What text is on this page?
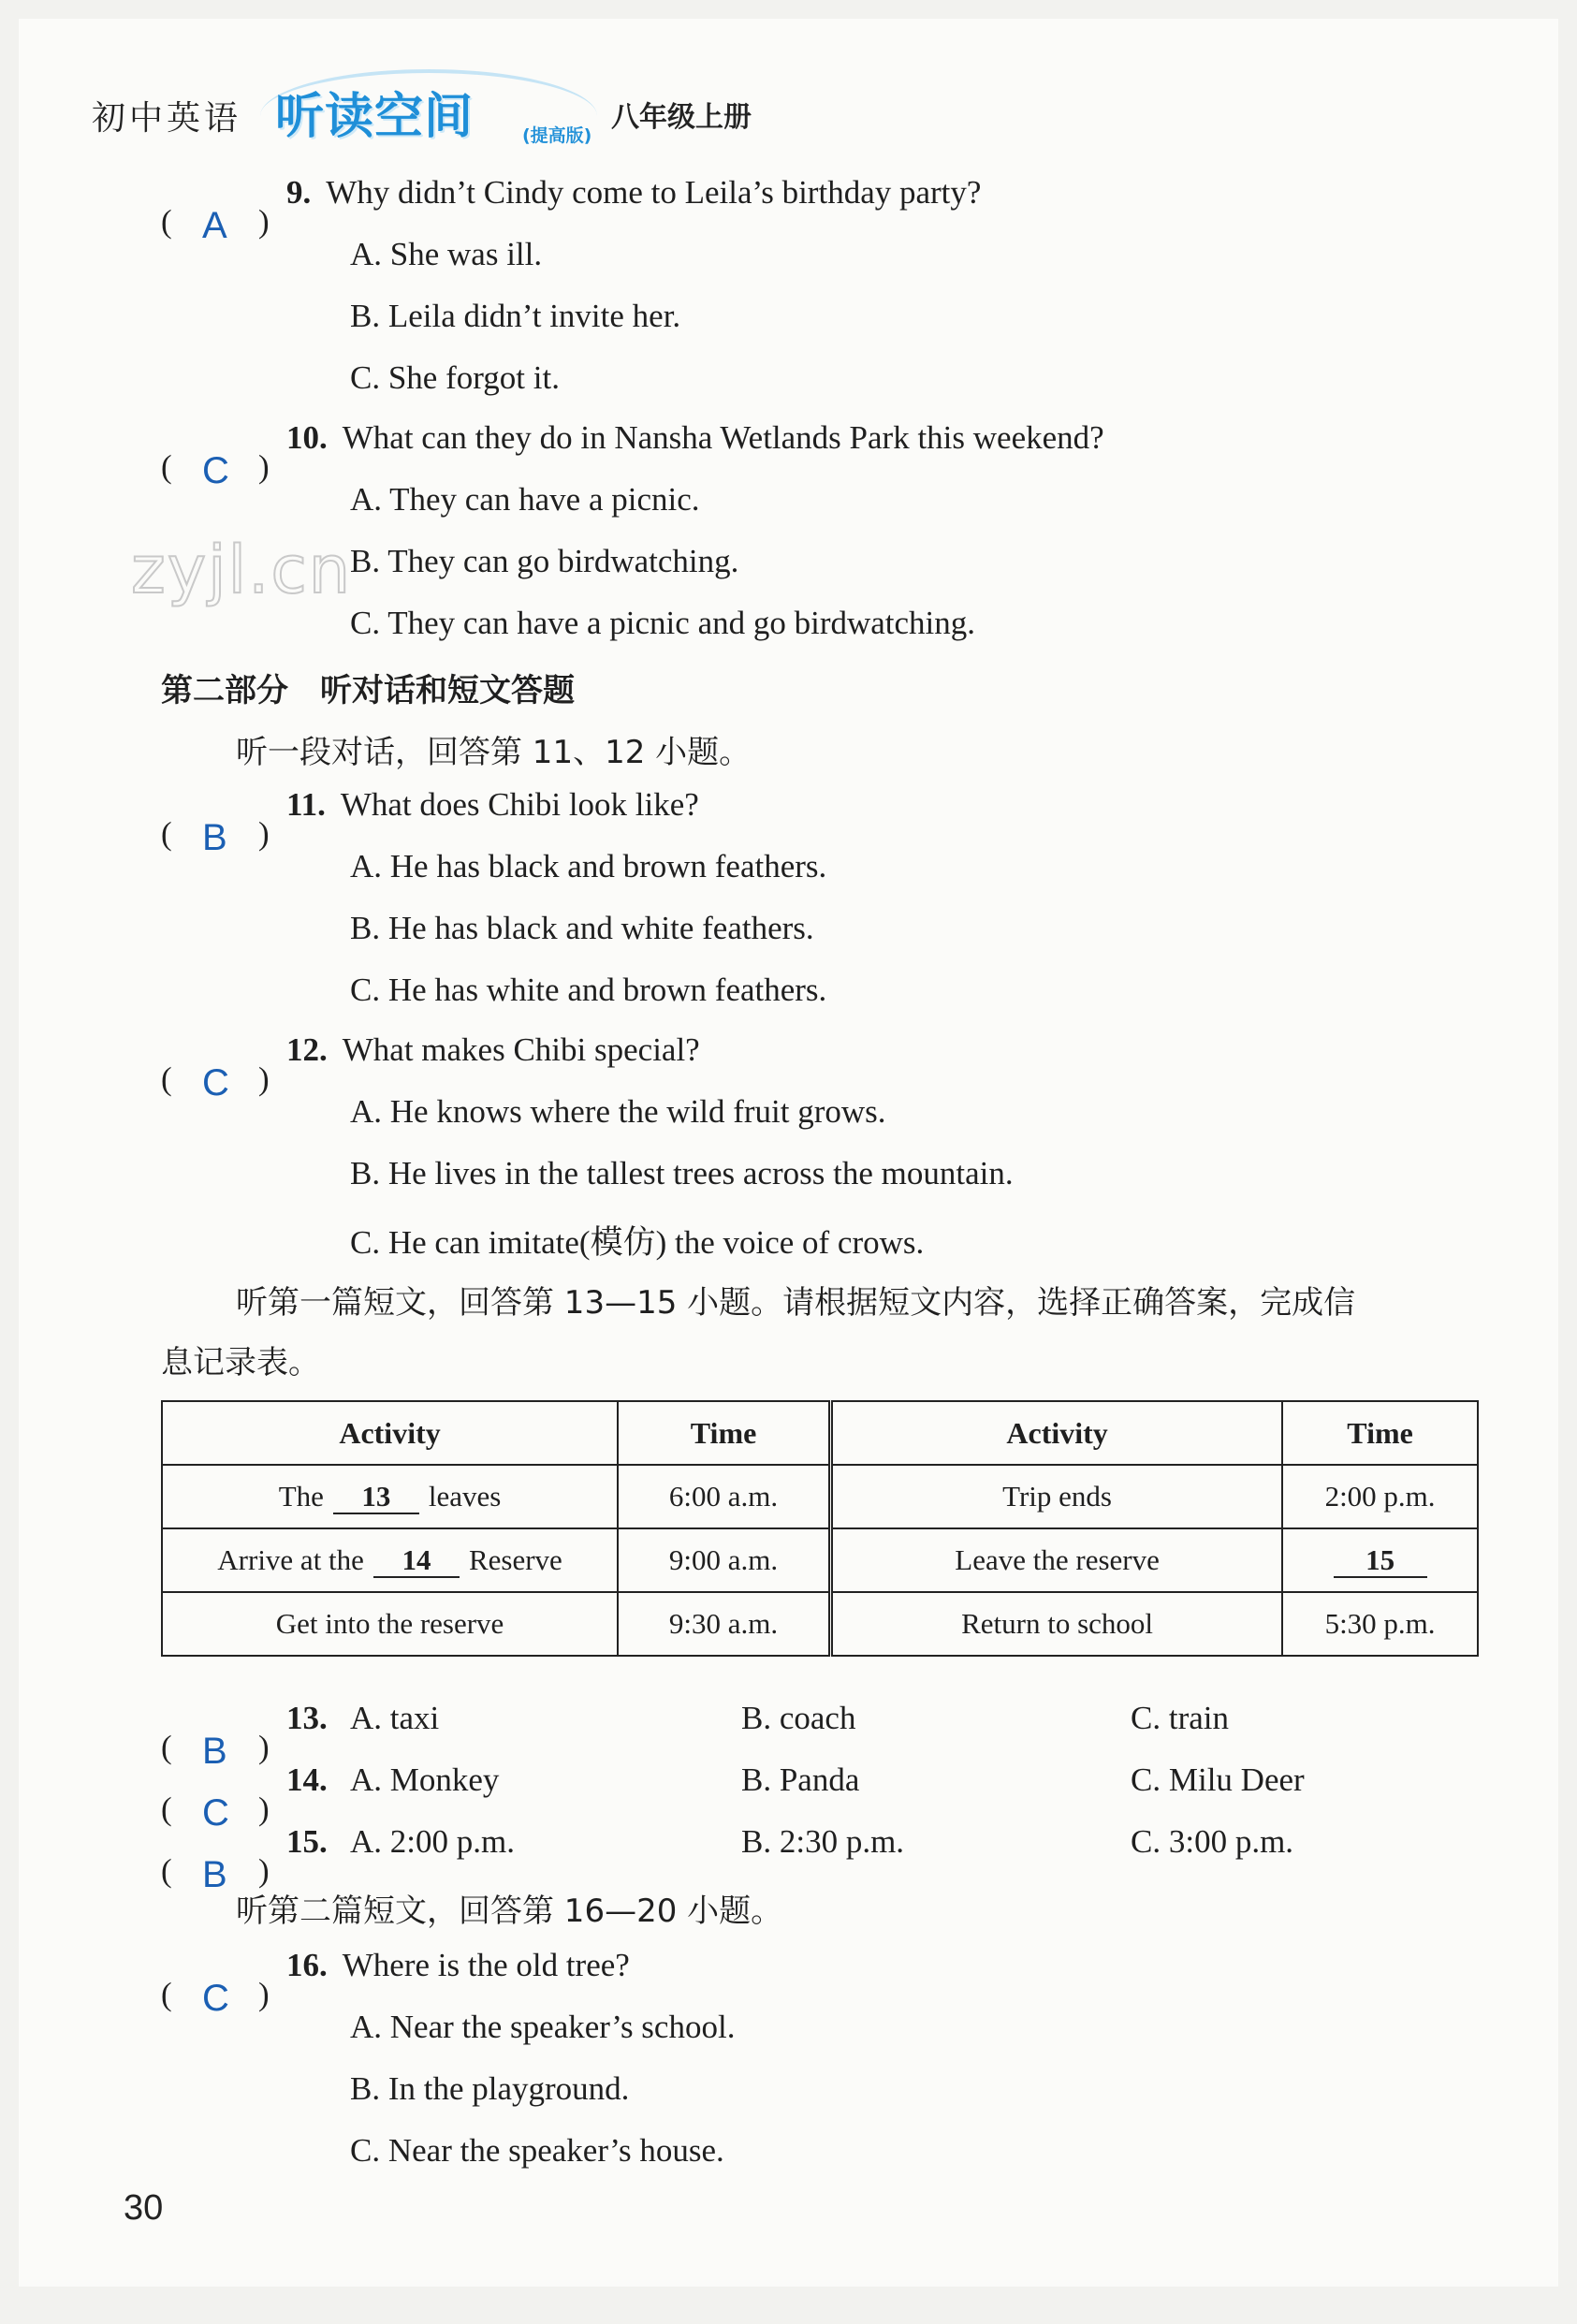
初中英语 听读空间	(提高版)
八年级上册
zyjl.cn
( A )
9. Why didn’t Cindy come to Leila’s birthday party?
A. She was ill.
B. Leila didn’t invite her.
C. She forgot it.
( C )
10. What can they do in Nansha Wetlands Park this weekend?
A. They can have a picnic.
B. They can go birdwatching.
C. They can have a picnic and go birdwatching.
第二部分　听对话和短文答题
听一段对话，回答第 11、12 小题。
( B )
11. What does Chibi look like?
A. He has black and brown feathers.
B. He has black and white feathers.
C. He has white and brown feathers.
( C )
12. What makes Chibi special?
A. He knows where the wild fruit grows.
B. He lives in the tallest trees across the mountain.
C. He can imitate(模仿) the voice of crows.
听第一篇短文，回答第 13—15 小题。请根据短文内容，选择正确答案，完成信
息记录表。
Activity	Time	Activity	Time
The 13 leaves	6:00 a.m.	Trip ends	2:00 p.m.
Arrive at the 14 Reserve	9:00 a.m.	Leave the reserve	15
Get into the reserve	9:30 a.m.	Return to school	5:30 p.m.
( B )
13. A. taxi	B. coach	C. train
( C )
14. A. Monkey	B. Panda	C. Milu Deer
( B )
15. A. 2:00 p.m.	B. 2:30 p.m.	C. 3:00 p.m.
听第二篇短文，回答第 16—20 小题。
( C )
16. Where is the old tree?
A. Near the speaker’s school.
B. In the playground.
C. Near the speaker’s house.
30
